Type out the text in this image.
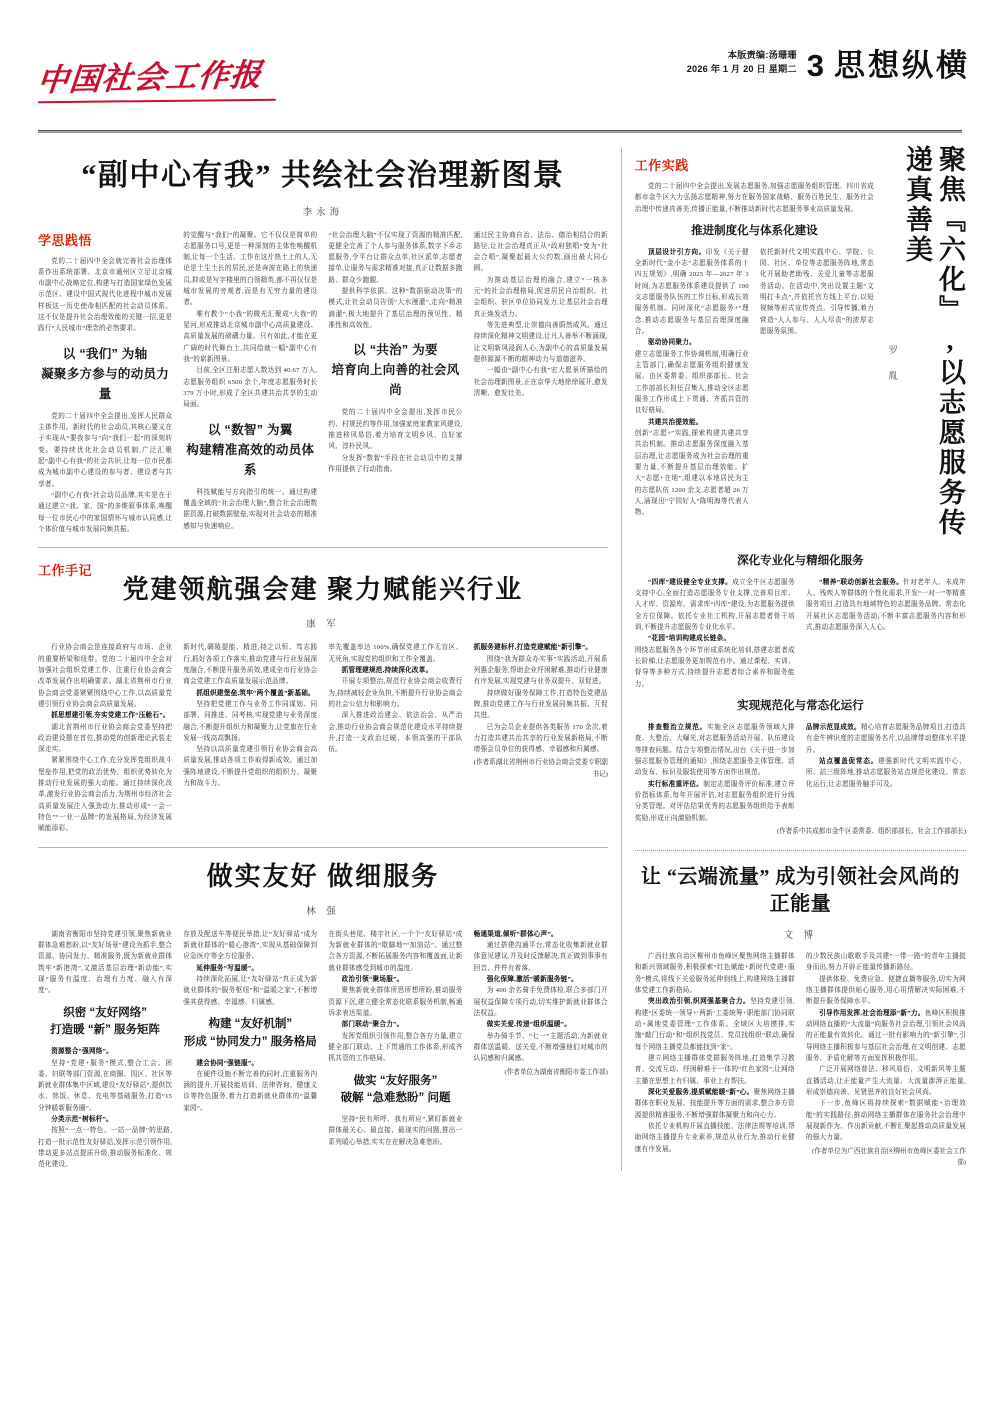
中国社会工作报
本版责编:汤珊珊
2026 年 1 月 20 日 星期二 3 思想纵横
“副中心有我” 共绘社会治理新图景
李永海
学思践悟
党的二十届四中全会就完善社会治理体系作出系统部署。北京市通州区立足北京城市副中心战略定位,构建与打造国家绿色发展示范区、建设中国式现代化进程中城市发展样板这一历史使命相匹配的社会动员体系。这不仅是提升社会治理效能的关键一招,更是践行“人民城市”理念的必然要求。
以 “我们” 为轴
凝聚多方参与的动员力量
党的二十届四中全会提出,发挥人民群众主体作用。新时代的社会动员,其核心要义在于实现从“要我参与”向“我们一起”的深刻转变。要持续优化社会动员机制,广泛汇聚起“副中心有我”的社会共识,让每一位市民都成为城市副中心建设的参与者、建设者与共享者。
“副中心有我”社会动员品牌,其实是在于通过建立“我、家、国”的多维叙事体系,唤醒每一位市民心中的家国情怀与城市认同感,让个体价值与城市发展同频共振。
的觉醒与“我们”的凝聚。它不仅仅是简单的志愿服务口号,更是一种深刻的主体性唤醒机制,让每一个生活、工作在这片热土上的人,无论是土生土长的居民,还是奔波在路上的快递员,抑或是写字楼里的白领精英,都不再仅仅是城市发展的旁观者,而是有无穷力量的建设者。
唯有教个“小我”的微光汇聚成“大我”的星河,形成推动北京城市副中心高质量建设、高质量发展的磅礴力量。只有如此,才能在更广阔的时代舞台上,共同绘就一幅“副中心有我”的崭新图景。
目前,全区注册志愿人数达到 40.67 万人,志愿服务组织 6500 余个,年度志愿服务时长 379 万小时,形成了全区共建共治共享的生动局面。
以 “数智” 为翼
构建精准高效的动员体系
科技赋能与方向指引的统一。通过构建覆盖全域的“社会治理大脑”,整合社会治理数据资源,打破数据壁垒,实现对社会动态的精准感知与快速响应。
“社会治理大脑”不仅实现了资源的精准匹配,更健全完善了个人参与服务体系,数字下乡志愿服务,令平台让群众点单,社区派单,志愿者接单,让服务与需求精准对接,真正让数据多跑路、群众少跑腿。
提供科学依据。这种“数据驱动决策”的模式,让社会动员告别“大水漫灌”,走向“精准滴灌”,极大地提升了基层治理的预见性、精准性和高效性。
以 “共治” 为要
培育向上向善的社会风尚
党的二十届四中全会提出,发挥市民公约、村规民约等作用,加强家庭家教家风建设,推进移风易俗,着力培育文明乡风、良好家风、淳朴民风。
分发挥“数智”手段在社会动员中的支撑作用提供了行动指南。
通过民主协商自治、法治、德治相结合的新路径,让社会治理真正从“政府独唱”变为“社会合唱”,凝聚起最大公约数,画出最大同心圆。
为推动基层治理的融合,建立“一核多元”的社会治理格局,促进居民自治组织、社会组织、驻区单位协同发力,让基层社会治理真正焕发活力。
等先进典型,让崇德向善蔚然成风。通过持续深化精神文明建设,让凡人善举不断涌现,让文明新风浸润人心,为副中心的高质量发展提供源源不断的精神动力与道德滋养。
一幅由“副中心有我”宏大愿景所描绘的社会治理新图景,正在京华大地徐徐展开,愈发清晰、愈发壮美。
工作手记
党建领航强会建 聚力赋能兴行业
康 军
行业协会商会是连接政府与市场、企业的重要桥梁和纽带。党的二十届四中全会对加强社会组织党建工作、注重行业协会商会改革发展作出明确要求。湖北省荆州市行业协会商会党委紧紧围绕中心工作,以高质量党建引领行业协会商会高质量发展。
抓思想建引领,夯实党建工作“压舱石”。
湖北省荆州市行业协会商会党委坚持把政治建设摆在首位,推动党的创新理论武装走深走实。
紧紧围绕中心工作,充分发挥党组织战斗堡垒作用,把党的政治优势、组织优势转化为推动行业发展的强大动能。通过持续深化改革,激发行业协会商会活力,为荆州市经济社会高质量发展注入强劲动力,推动形成“一会一特色”“一业一品牌”的发展格局,为经济发展赋能添彩。
新时代,碉陵提能、精进,持之以恒、笃志践行,抓好各项工作落实,推动党建与行业发展深度融合,不断提升服务质效,建成全市行业协会商会党建工作高质量发展示范品牌。
抓组织建堡垒,筑牢“两个覆盖”新基础。
坚持把党建工作与业务工作同谋划、同部署、同推进、同考核,实现党建与业务深度融合,不断提升组织力和凝聚力,让党旗在行业发展一线高高飘扬。
坚持以高质量党建引领行业协会商会高质量发展,推动各项工作取得新成效。通过加强阵地建设,不断提升党组织的组织力、凝聚力和战斗力。
率先覆盖率达 100%,确保党建工作无盲区、无死角,实现党的组织和工作全覆盖。
抓管理建规范,持续深化改革。
开展专项整治,规范行业协会商会收费行为,持续减轻企业负担,不断提升行业协会商会的社会公信力和影响力。
深入推进政治建会、依法治会、从严治会,推动行业协会商会规范化建设水平持续提升,打造一支政治过硬、本领高强的干部队伍。
抓服务建标杆,打造党建赋能“新引擎”。
围绕“我为群众办实事”实践活动,开展系列惠企服务,帮助企业纾困解难,推动行业健康有序发展,实现党建与业务双提升、双促进。
持续做好服务保障工作,打造特色党建品牌,推动党建工作与行业发展同频共振、互促共进。
已为会员企业提供各类服务 170 余次,着力打造共建共治共享的行业发展新格局,不断增强会员单位的获得感、幸福感和归属感。
(作者系湖北省荆州市行业协会商会党委专职副书记)
做实友好 做细服务
林 强
湖南省衡阳市坚持党建引领,聚焦新就业群体急难愁盼,以“友好场景”建设为抓手,整合资源、协同发力、精准服务,既为新就业群体筑牢“新港湾”,又激活基层治理“新动能”,实现“服务有温度、治理有力度、融入有深度”。
织密 “友好网络”
打造暖 “新” 服务矩阵
资源整合“强网络”。
坚持“党建+服务”模式,整合工会、团委、妇联等部门资源,在商圈、园区、社区等新就业群体集中区域,建设“友好驿站”,提供饮水、热饭、休息、充电等基础服务,打造“15 分钟暖新服务圈”。
分类示范“树标杆”。
按照“一点一特色、一站一品牌”的思路,打造一批示范性友好驿站,发挥示范引领作用,带动更多站点提质升级,推动服务标准化、规范化建设。
存放及配送车等便民举措,让“友好驿站”成为新就业群体的“暖心港湾”,实现从基础保障到应急医疗等全方位服务。
延伸服务“写温暖”。
持续深化拓展,让“友好驿站”真正成为新就业群体的“服务枢纽”和“温暖之家”,不断增强其获得感、幸福感、归属感。
构建 “友好机制”
形成 “协同发力” 服务格局
建会协同“强链服”。
在硬件设施不断完善的同时,注重服务内涵的提升,开展技能培训、法律咨询、健康义诊等特色服务,着力打造新就业群体的“温馨家园”。
在街头巷尾、楼宇社区,一个个“友好驿站”成为新就业群体的“歇脚地”“加油站”。通过整合各方资源,不断拓展服务内容和覆盖面,让新就业群体感受到城市的温度。
政治引领“聚场服”。
聚焦新就业群体所思所想所盼,推动服务资源下沉,建立健全常态化联系服务机制,畅通诉求表达渠道。
部门联动“聚合力”。
发挥党组织引领作用,整合各方力量,建立健全部门联动、上下贯通的工作体系,形成齐抓共管的工作格局。
做实 “友好服务”
破解 “急难愁盼” 问题
坚持“民有所呼、我有所应”,紧盯新就业群体最关心、最直接、最现实的问题,推出一系列暖心举措,实实在在解决急难愁盼。
畅通渠道,倾听“群体心声”。
通过搭建沟通平台,常态化收集新就业群体意见建议,并及时反馈解决,真正做到事事有回音、件件有着落。
强化保障,激活“暖新服务链”。
为 400 余名骑手免费体检,联合多部门开展权益保障专项行动,切实维护新就业群体合法权益。
做实关爱,传递“组织温暖”。
举办骑手节、“七一”主题活动,为新就业群体送温暖、送关爱,不断增强他们对城市的认同感和归属感。
(作者单位为湖南省衡阳市委工作部)
工作实践
党的二十届四中全会提出,发展志愿服务,加强志愿服务组织管理。四川省成都市金牛区大力弘扬志愿精神,努力在服务国家战略、服务百姓民生、服务社会治理中传递真善美,传播正能量,不断推动新时代志愿服务事业高质量发展。
推进制度化与体系化建设
顶层设计引方向。印发《关于健全新时代“金小志”志愿服务体系的十四五规划》,明确 2025 年—2027 年 3 时间,为志愿服务体系建设提供了 100 支志愿服务队伍的工作目标,形成长效服务机制。同时深化“志愿服务+”理念,推动志愿服务与基层治理深度融合。
驱动协同聚力。
建立志愿服务工作协调机制,明确行业主管部门,确保志愿服务组织健康发展。由区委常委、组织部部长、社会工作部部长担任召集人,推动全区志愿服务工作形成上下贯通、齐抓共管的良好格局。
共建共治提效能。
创新“志愿+”实践,探索构建共建共享共治机制。推动志愿服务深度融入基层治理,让志愿服务成为社会治理的重要力量,不断提升基层治理效能。扩大“志愿+在地”,组建以本地居民为主的志愿队伍 1200 余支,志愿者超 26 万人,涌现出“宁园好人”陈明海等代表人物。
依托新时代文明实践中心、学院、公园、社区、单位等志愿服务阵地,常态化开展助老助残、关爱儿童等志愿服务活动。在活动中,突出设置主题“文明打卡点”,并依托官方线上平台,以短视频等形式宣传亮点、引导传播,着力营造“人人参与、人人尽责”的浓厚志愿服务氛围。
罗 胤	聚焦『六化』,以志愿服务传递真善美
深化专业化与精细化服务
“四库”建设健全专业支撑。成立全牛区志愿服务支持中心,全面打造志愿服务专业支撑,完善项目库、人才库、资源库、需求库“四库”建设,为志愿服务提供全方位保障。依托专业社工机构,开展志愿者骨干培训,不断提升志愿服务专业化水平。
“花园”培训构建成长链条。
围绕志愿服务各个环节形成系统化培训,搭建志愿者成长阶梯,让志愿服务更加规范有序。通过课程、实训、督导等多种方式,持续提升志愿者综合素养和服务能力。
“精养”联动创新社会服务。针对老年人、未成年人、残疾人等群体的个性化需求,开发“一对一”等精准服务项目,打造具有地域特色的志愿服务品牌。常态化开展社区志愿服务活动,不断丰富志愿服务内容和形式,推动志愿服务深入人心。
实现规范化与常态化运行
排查整治立规范。实施全区志愿服务领域大排查、大整治、大曝光,对志愿服务活动开展、队伍建设等排查问题。结合专项整治情况,出台《关于进一步加强志愿服务管理的通知》,围绕志愿服务主体管理、活动发布、标识及服装使用等方面作出规范。
实行标准重评估。制定志愿服务评价标准,建立评价指标体系,每年开展评估,对志愿服务组织进行分级分类管理。对评估结果优秀的志愿服务组织给予表彰奖励,形成正向激励机制。
品牌示范显成效。精心培育志愿服务品牌项目,打造具有金牛辨识度的志愿服务名片,以品牌带动整体水平提升。
站点覆盖促常态。建强新时代文明实践中心、所、站三级阵地,推动志愿服务站点规范化建设、常态化运行,让志愿服务触手可及。
(作者系中共成都市金牛区委常委、组织部部长、社会工作部部长)
让 “云端流量” 成为引领社会风尚的正能量
文 博
广西壮族自治区柳州市鱼峰区聚焦网络主播群体和新兴领域服务,积极探索“红色赋能+新时代党建+服务”模式,将线下关爱服务延伸到线上,构建网络主播群体党建工作新格局。
突出政治引领,织网强基聚合力。坚持党建引领,构建“区委统一领导+‘两新’工委统筹+职能部门协同联动+属地党委管理”工作体系。全域区大培摸排,实施“敲门行动”和“组织找党员、党员找组织”联动,确保每个网络主播党员都能找到“家”。
建立网络主播群体党群服务阵地,打造集学习教育、交流互动、纾困解难于一体的“红色家园”,让网络主播在思想上有归属、事业上有帮扶。
深化关爱服务,提质赋能暖“新”心。聚焦网络主播群体在职业发展、技能提升等方面的需求,整合多方资源提供精准服务,不断增强群体凝聚力和向心力。
依托专业机构开展直播技能、法律法规等培训,帮助网络主播提升专业素养,规范从业行为,推动行业健康有序发展。
的少数民族山歌歌手及共建“一带一路”的青年主播挺身而出,努力开辟正能量传播新路径。
提供体检、免费应急、便捷直播等服务,切实为网络主播群体提供贴心服务,用心用情解决实际困难,不断提升服务保障水平。
引导作用发挥,社会治理添“新”力。鱼峰区积极推动网络直播的“大流量”向服务社会治理,引领社会风尚的正能量有效转化。通过一批有影响力的“新引擎”,引导网络主播积极参与基层社会治理,在文明创建、志愿服务、矛盾化解等方面发挥积极作用。
广泛开展网络普法、移风易俗、文明新风等主题直播活动,让正能量产生大流量、大流量澎湃正能量,形成崇德向善、见贤思齐的良好社会风尚。
下一步,鱼峰区将持续探索“数据赋能+治理效能”的实践路径,推动网络主播群体在服务社会治理中展现新作为、作出新贡献,不断汇聚起推动高质量发展的强大力量。
(作者单位为广西壮族自治区柳州市鱼峰区委社会工作部)
